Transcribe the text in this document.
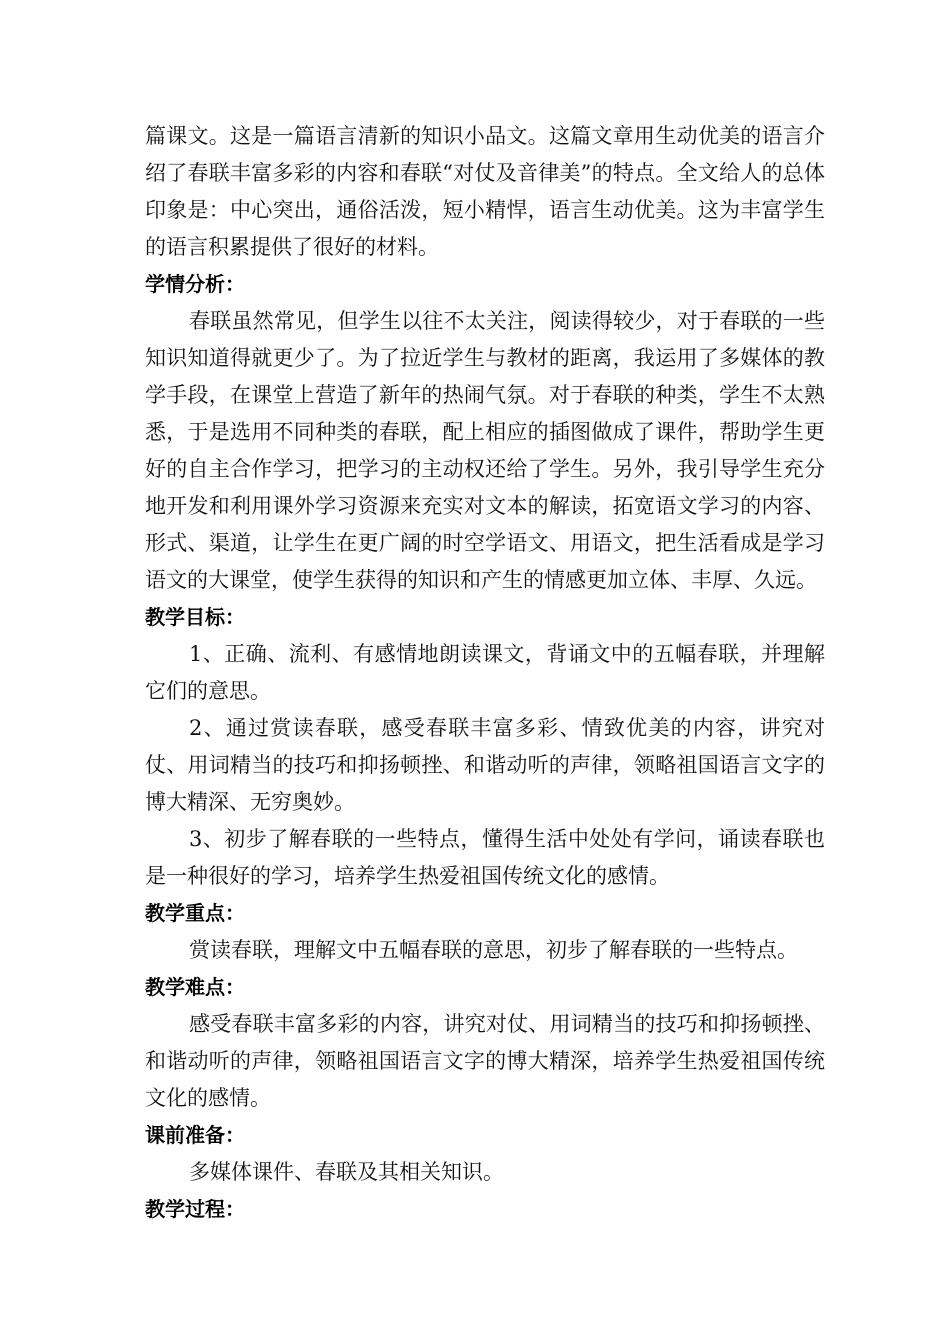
篇课文。这是一篇语言清新的知识小品文。这篇文章用生动优美的语言介绍了春联丰富多彩的内容和春联“对仗及音律美”的特点。全文给人的总体印象是：中心突出，通俗活泼，短小精悍，语言生动优美。这为丰富学生的语言积累提供了很好的材料。

学情分析：

春联虽然常见，但学生以往不太关注，阅读得较少，对于春联的一些知识知道得就更少了。为了拉近学生与教材的距离，我运用了多媒体的教学手段，在课堂上营造了新年的热闹气氛。对于春联的种类，学生不太熟悉，于是选用不同种类的春联，配上相应的插图做成了课件，帮助学生更好的自主合作学习，把学习的主动权还给了学生。另外，我引导学生充分地开发和利用课外学习资源来充实对文本的解读，拓宽语文学习的内容、形式、渠道，让学生在更广阔的时空学语文、用语文，把生活看成是学习语文的大课堂，使学生获得的知识和产生的情感更加立体、丰厚、久远。

教学目标：

1、正确、流利、有感情地朗读课文，背诵文中的五幅春联，并理解它们的意思。

2、通过赏读春联，感受春联丰富多彩、情致优美的内容，讲究对仗、用词精当的技巧和抑扬顿挫、和谐动听的声律，领略祖国语言文字的博大精深、无穷奥妙。

3、初步了解春联的一些特点，懂得生活中处处有学问，诵读春联也是一种很好的学习，培养学生热爱祖国传统文化的感情。

教学重点：

赏读春联，理解文中五幅春联的意思，初步了解春联的一些特点。

教学难点：

感受春联丰富多彩的内容，讲究对仗、用词精当的技巧和抑扬顿挫、和谐动听的声律，领略祖国语言文字的博大精深，培养学生热爱祖国传统文化的感情。

课前准备：

多媒体课件、春联及其相关知识。

教学过程：
